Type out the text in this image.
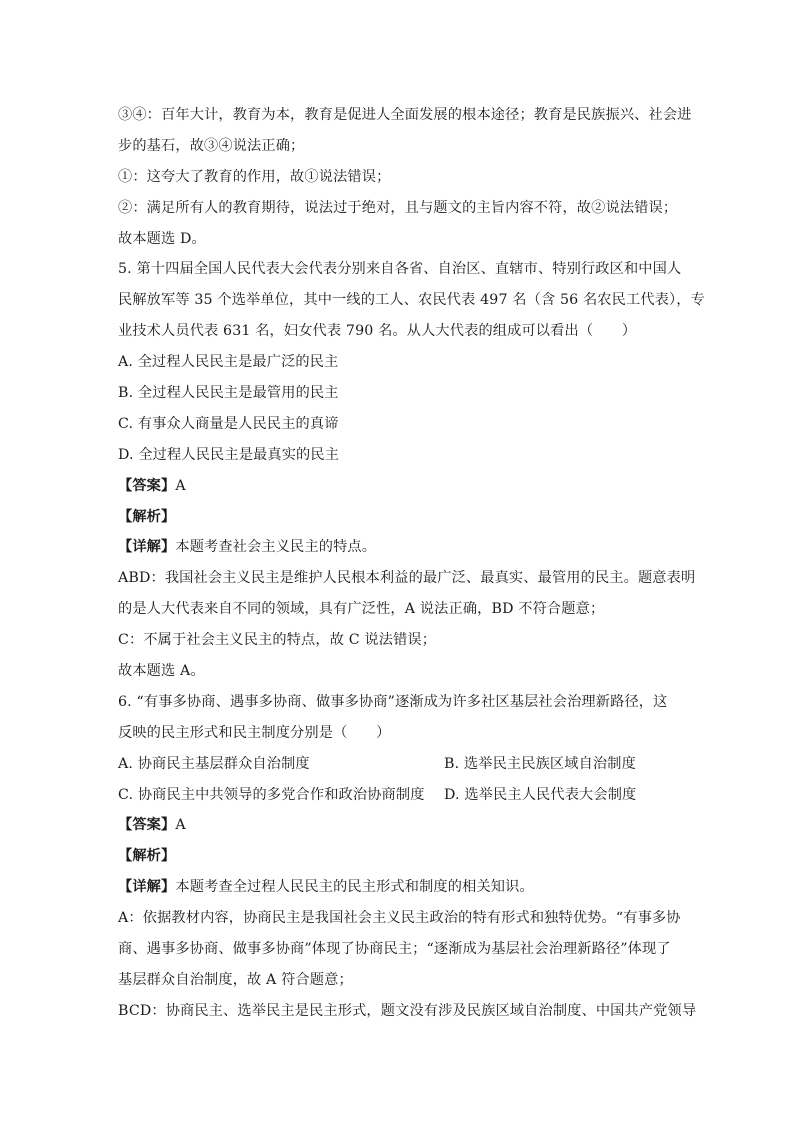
③④：百年大计，教育为本，教育是促进人全面发展的根本途径；教育是民族振兴、社会进
步的基石，故③④说法正确；
①：这夸大了教育的作用，故①说法错误；
②：满足所有人的教育期待，说法过于绝对，且与题文的主旨内容不符，故②说法错误；
故本题选 D。
5. 第十四届全国人民代表大会代表分别来自各省、自治区、直辖市、特别行政区和中国人
民解放军等 35 个选举单位，其中一线的工人、农民代表 497 名（含 56 名农民工代表），专
业技术人员代表 631 名，妇女代表 790 名。从人大代表的组成可以看出（　　）
A. 全过程人民民主是最广泛的民主
B. 全过程人民民主是最管用的民主
C. 有事众人商量是人民民主的真谛
D. 全过程人民民主是最真实的民主
【答案】A
【解析】
【详解】本题考查社会主义民主的特点。
ABD：我国社会主义民主是维护人民根本利益的最广泛、最真实、最管用的民主。题意表明
的是人大代表来自不同的领域，具有广泛性，A 说法正确，BD 不符合题意；
C：不属于社会主义民主的特点，故 C 说法错误；
故本题选 A。
6. “有事多协商、遇事多协商、做事多协商”逐渐成为许多社区基层社会治理新路径，这
反映的民主形式和民主制度分别是（　　）
A. 协商民主基层群众自治制度	B. 选举民主民族区域自治制度
C. 协商民主中共领导的多党合作和政治协商制度	D. 选举民主人民代表大会制度
【答案】A
【解析】
【详解】本题考查全过程人民民主的民主形式和制度的相关知识。
A：依据教材内容，协商民主是我国社会主义民主政治的特有形式和独特优势。“有事多协
商、遇事多协商、做事多协商”体现了协商民主；“逐渐成为基层社会治理新路径”体现了
基层群众自治制度，故 A 符合题意；
BCD：协商民主、选举民主是民主形式，题文没有涉及民族区域自治制度、中国共产党领导
